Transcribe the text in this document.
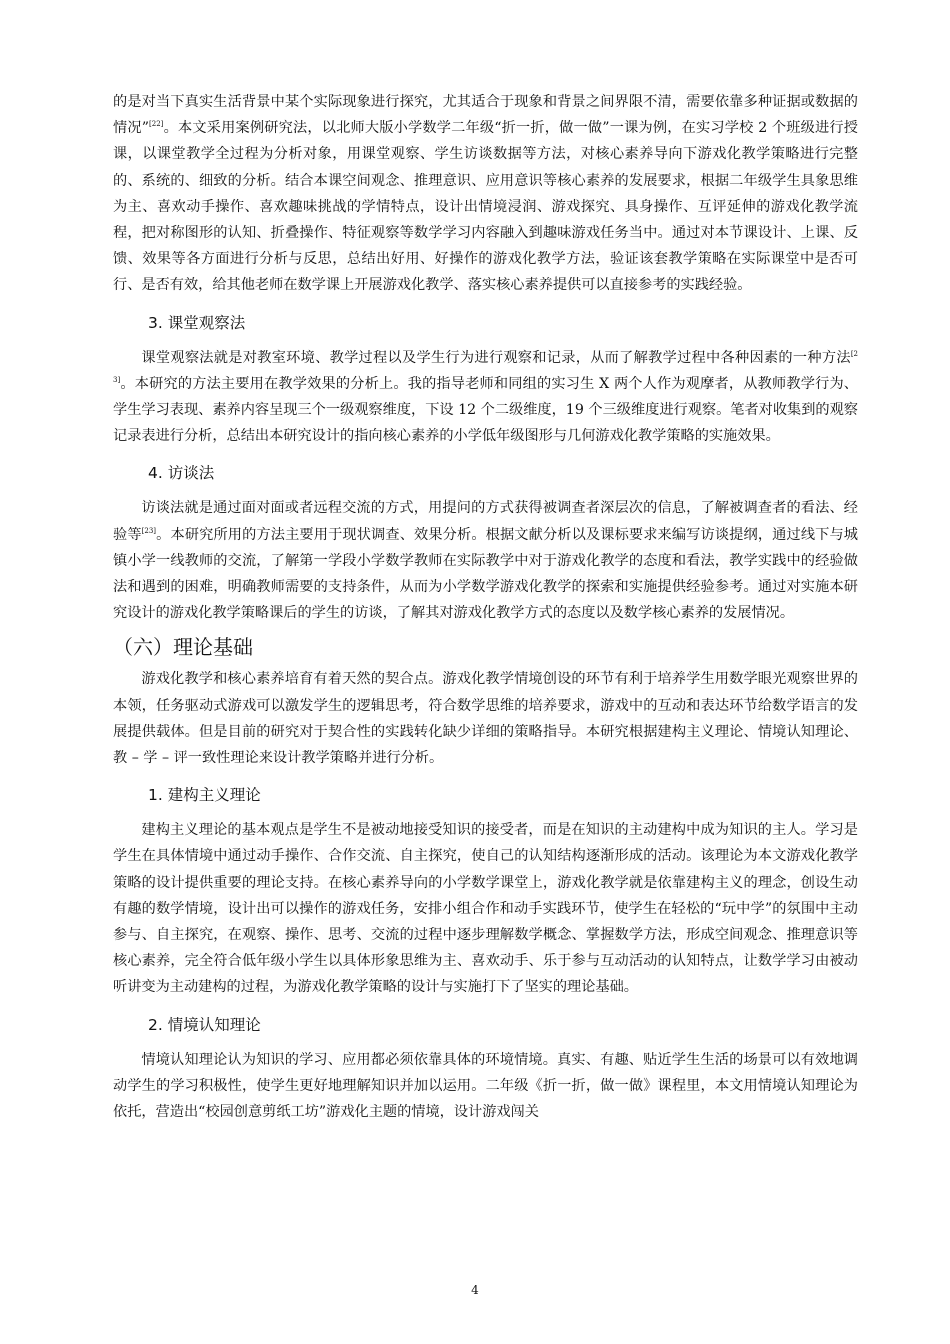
的是对当下真实生活背景中某个实际现象进行探究，尤其适合于现象和背景之间界限不清，需要依靠多种证据或数据的情况”[22]。本文采用案例研究法，以北师大版小学数学二年级“折一折，做一做”一课为例，在实习学校 2 个班级进行授课，以课堂教学全过程为分析对象，用课堂观察、学生访谈数据等方法，对核心素养导向下游戏化教学策略进行完整的、系统的、细致的分析。结合本课空间观念、推理意识、应用意识等核心素养的发展要求，根据二年级学生具象思维为主、喜欢动手操作、喜欢趣味挑战的学情特点，设计出情境浸润、游戏探究、具身操作、互评延伸的游戏化教学流程，把对称图形的认知、折叠操作、特征观察等数学学习内容融入到趣味游戏任务当中。通过对本节课设计、上课、反馈、效果等各方面进行分析与反思，总结出好用、好操作的游戏化教学方法，验证该套教学策略在实际课堂中是否可行、是否有效，给其他老师在数学课上开展游戏化教学、落实核心素养提供可以直接参考的实践经验。

3. 课堂观察法

课堂观察法就是对教室环境、教学过程以及学生行为进行观察和记录，从而了解教学过程中各种因素的一种方法[23]。本研究的方法主要用在教学效果的分析上。我的指导老师和同组的实习生 X 两个人作为观摩者，从教师教学行为、学生学习表现、素养内容呈现三个一级观察维度，下设 12 个二级维度，19 个三级维度进行观察。笔者对收集到的观察记录表进行分析，总结出本研究设计的指向核心素养的小学低年级图形与几何游戏化教学策略的实施效果。

4. 访谈法

访谈法就是通过面对面或者远程交流的方式，用提问的方式获得被调查者深层次的信息，了解被调查者的看法、经验等[23]。本研究所用的方法主要用于现状调查、效果分析。根据文献分析以及课标要求来编写访谈提纲，通过线下与城镇小学一线教师的交流，了解第一学段小学数学教师在实际教学中对于游戏化教学的态度和看法，教学实践中的经验做法和遇到的困难，明确教师需要的支持条件，从而为小学数学游戏化教学的探索和实施提供经验参考。通过对实施本研究设计的游戏化教学策略课后的学生的访谈，了解其对游戏化教学方式的态度以及数学核心素养的发展情况。

（六）理论基础

游戏化教学和核心素养培育有着天然的契合点。游戏化教学情境创设的环节有利于培养学生用数学眼光观察世界的本领，任务驱动式游戏可以激发学生的逻辑思考，符合数学思维的培养要求，游戏中的互动和表达环节给数学语言的发展提供载体。但是目前的研究对于契合性的实践转化缺少详细的策略指导。本研究根据建构主义理论、情境认知理论、教 – 学 – 评一致性理论来设计教学策略并进行分析。

1. 建构主义理论

建构主义理论的基本观点是学生不是被动地接受知识的接受者，而是在知识的主动建构中成为知识的主人。学习是学生在具体情境中通过动手操作、合作交流、自主探究，使自己的认知结构逐渐形成的活动。该理论为本文游戏化教学策略的设计提供重要的理论支持。在核心素养导向的小学数学课堂上，游戏化教学就是依靠建构主义的理念，创设生动有趣的数学情境，设计出可以操作的游戏任务，安排小组合作和动手实践环节，使学生在轻松的“玩中学”的氛围中主动参与、自主探究，在观察、操作、思考、交流的过程中逐步理解数学概念、掌握数学方法，形成空间观念、推理意识等核心素养，完全符合低年级小学生以具体形象思维为主、喜欢动手、乐于参与互动活动的认知特点，让数学学习由被动听讲变为主动建构的过程，为游戏化教学策略的设计与实施打下了坚实的理论基础。

2. 情境认知理论

情境认知理论认为知识的学习、应用都必须依靠具体的环境情境。真实、有趣、贴近学生生活的场景可以有效地调动学生的学习积极性，使学生更好地理解知识并加以运用。二年级《折一折，做一做》课程里，本文用情境认知理论为依托，营造出“校园创意剪纸工坊”游戏化主题的情境，设计游戏闯关

4
